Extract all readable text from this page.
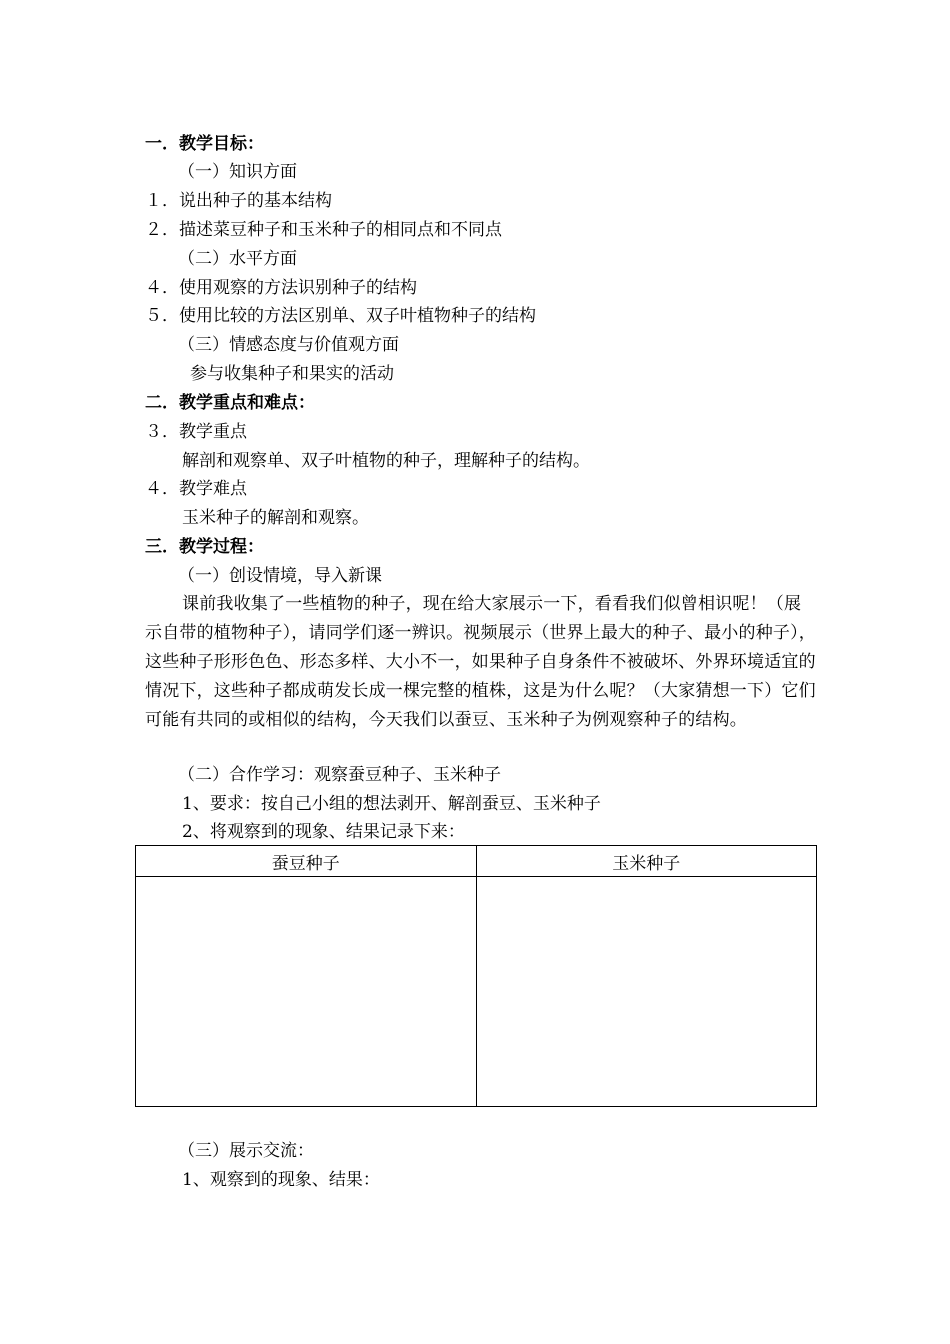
一．教学目标：
（一）知识方面
１．说出种子的基本结构
２．描述菜豆种子和玉米种子的相同点和不同点
（二）水平方面
４．使用观察的方法识别种子的结构
５．使用比较的方法区别单、双子叶植物种子的结构
（三）情感态度与价值观方面
参与收集种子和果实的活动
二．教学重点和难点：
３．教学重点
解剖和观察单、双子叶植物的种子，理解种子的结构。
４．教学难点
玉米种子的解剖和观察。
三．教学过程：
（一）创设情境，导入新课

课前我收集了一些植物的种子，现在给大家展示一下，看看我们似曾相识呢！（展示自带的植物种子），请同学们逐一辨识。视频展示（世界上最大的种子、最小的种子），这些种子形形色色、形态多样、大小不一，如果种子自身条件不被破坏、外界环境适宜的情况下，这些种子都成萌发长成一棵完整的植株，这是为什么呢？（大家猜想一下）它们可能有共同的或相似的结构，今天我们以蚕豆、玉米种子为例观察种子的结构。

（二）合作学习：观察蚕豆种子、玉米种子
1、要求：按自己小组的想法剥开、解剖蚕豆、玉米种子
2、将观察到的现象、结果记录下来：
蚕豆种子	玉米种子

（三）展示交流：
1、观察到的现象、结果：
